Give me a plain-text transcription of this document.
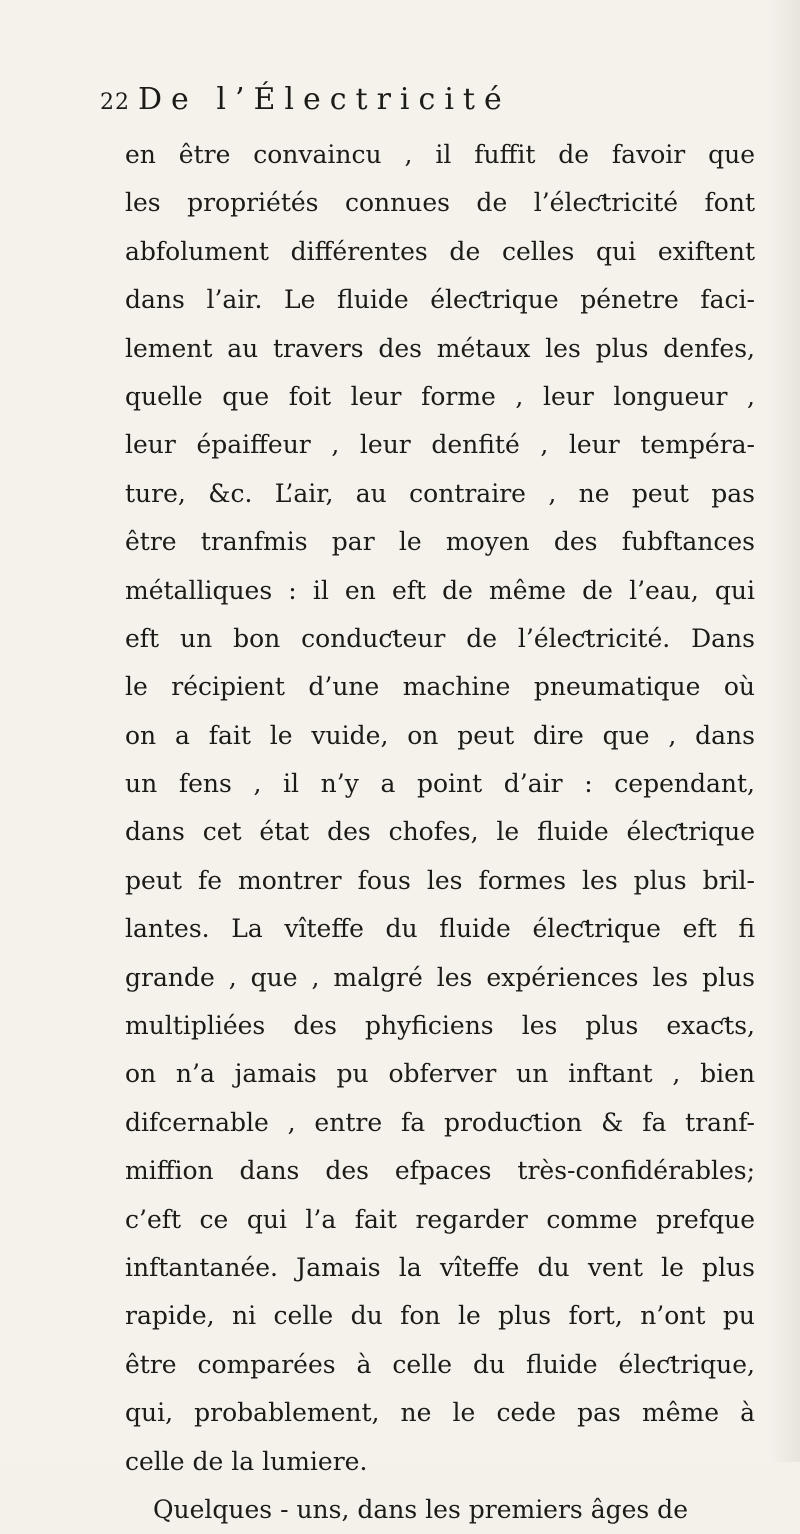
22 De l’Électricité
en être convaincu , il fuffit de favoir que
les propriétés connues de l’éleƈtricité font
abfolument différentes de celles qui exiftent
dans l’air. Le fluide éleƈtrique pénetre faci-
lement au travers des métaux les plus denfes,
quelle que foit leur forme , leur longueur ,
leur épaiffeur , leur denfité , leur tempéra-
ture, &c. L’air, au contraire , ne peut pas
être tranfmis par le moyen des fubftances
métalliques : il en eft de même de l’eau, qui
eft un bon conduƈteur de l’éleƈtricité. Dans
le récipient d’une machine pneumatique où
on a fait le vuide, on peut dire que , dans
un fens , il n’y a point d’air : cependant,
dans cet état des chofes, le fluide éleƈtrique
peut fe montrer fous les formes les plus bril-
lantes. La vîteffe du fluide éleƈtrique eft fi
grande , que , malgré les expériences les plus
multipliées des phyficiens les plus exaƈts,
on n’a jamais pu obferver un inftant , bien
difcernable , entre fa produƈtion & fa tranf-
miffion dans des efpaces très-confidérables;
c’eft ce qui l’a fait regarder comme prefque
inftantanée. Jamais la vîteffe du vent le plus
rapide, ni celle du fon le plus fort, n’ont pu
être comparées à celle du fluide éleƈtrique,
qui, probablement, ne le cede pas même à
celle de la lumiere.
Quelques - uns, dans les premiers âges de
